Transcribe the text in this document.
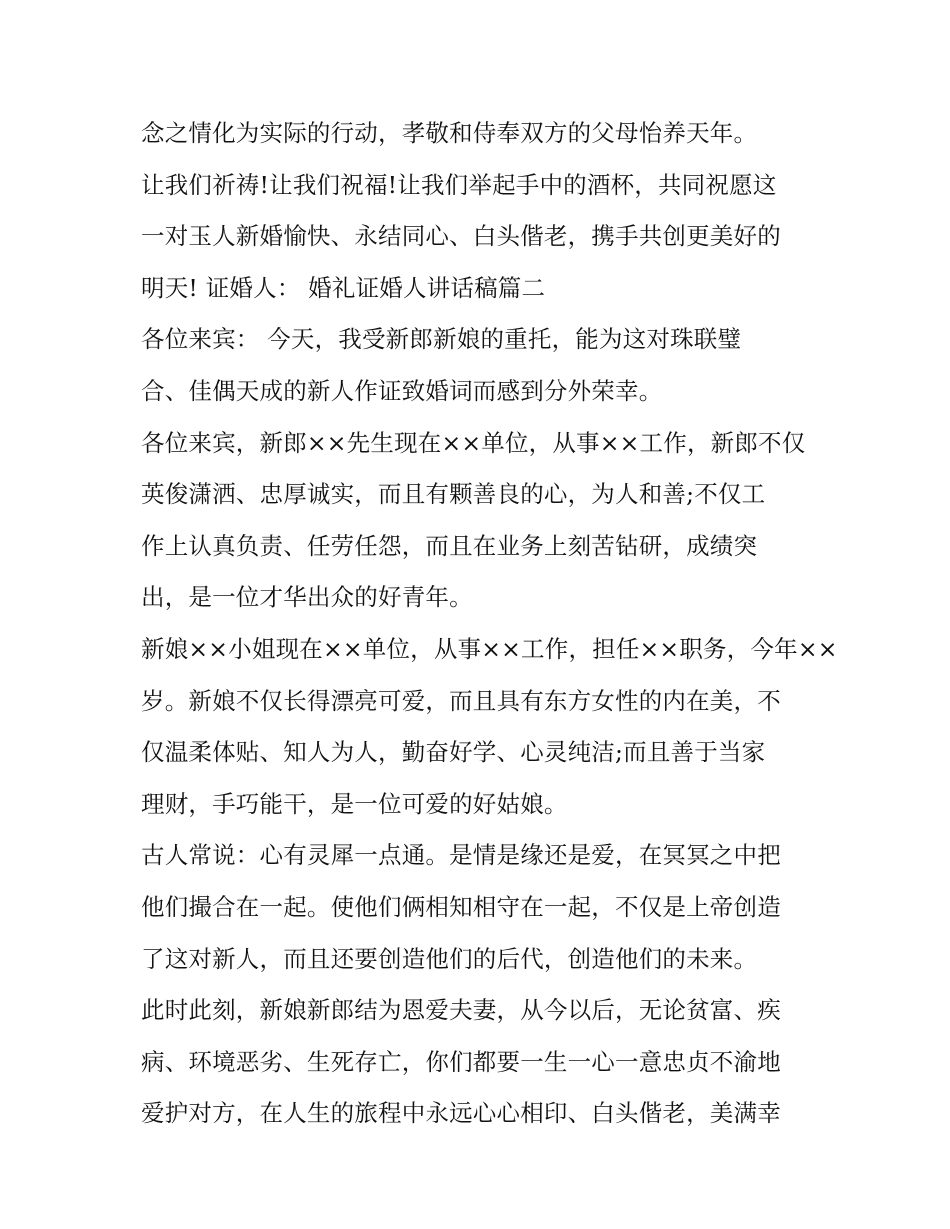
念之情化为实际的行动，孝敬和侍奉双方的父母怡养天年。
让我们祈祷!让我们祝福!让我们举起手中的酒杯，共同祝愿这
一对玉人新婚愉快、永结同心、白头偕老，携手共创更美好的
明天! 证婚人： 婚礼证婚人讲话稿篇二
各位来宾： 今天，我受新郎新娘的重托，能为这对珠联璧
合、佳偶天成的新人作证致婚词而感到分外荣幸。
各位来宾，新郎××先生现在××单位，从事××工作，新郎不仅
英俊潇洒、忠厚诚实，而且有颗善良的心，为人和善;不仅工
作上认真负责、任劳任怨，而且在业务上刻苦钻研，成绩突
出，是一位才华出众的好青年。
新娘××小姐现在××单位，从事××工作，担任××职务，今年××
岁。新娘不仅长得漂亮可爱，而且具有东方女性的内在美，不
仅温柔体贴、知人为人，勤奋好学、心灵纯洁;而且善于当家
理财，手巧能干，是一位可爱的好姑娘。
古人常说：心有灵犀一点通。是情是缘还是爱，在冥冥之中把
他们撮合在一起。使他们俩相知相守在一起，不仅是上帝创造
了这对新人，而且还要创造他们的后代，创造他们的未来。
此时此刻，新娘新郎结为恩爱夫妻，从今以后，无论贫富、疾
病、环境恶劣、生死存亡，你们都要一生一心一意忠贞不渝地
爱护对方，在人生的旅程中永远心心相印、白头偕老，美满幸
